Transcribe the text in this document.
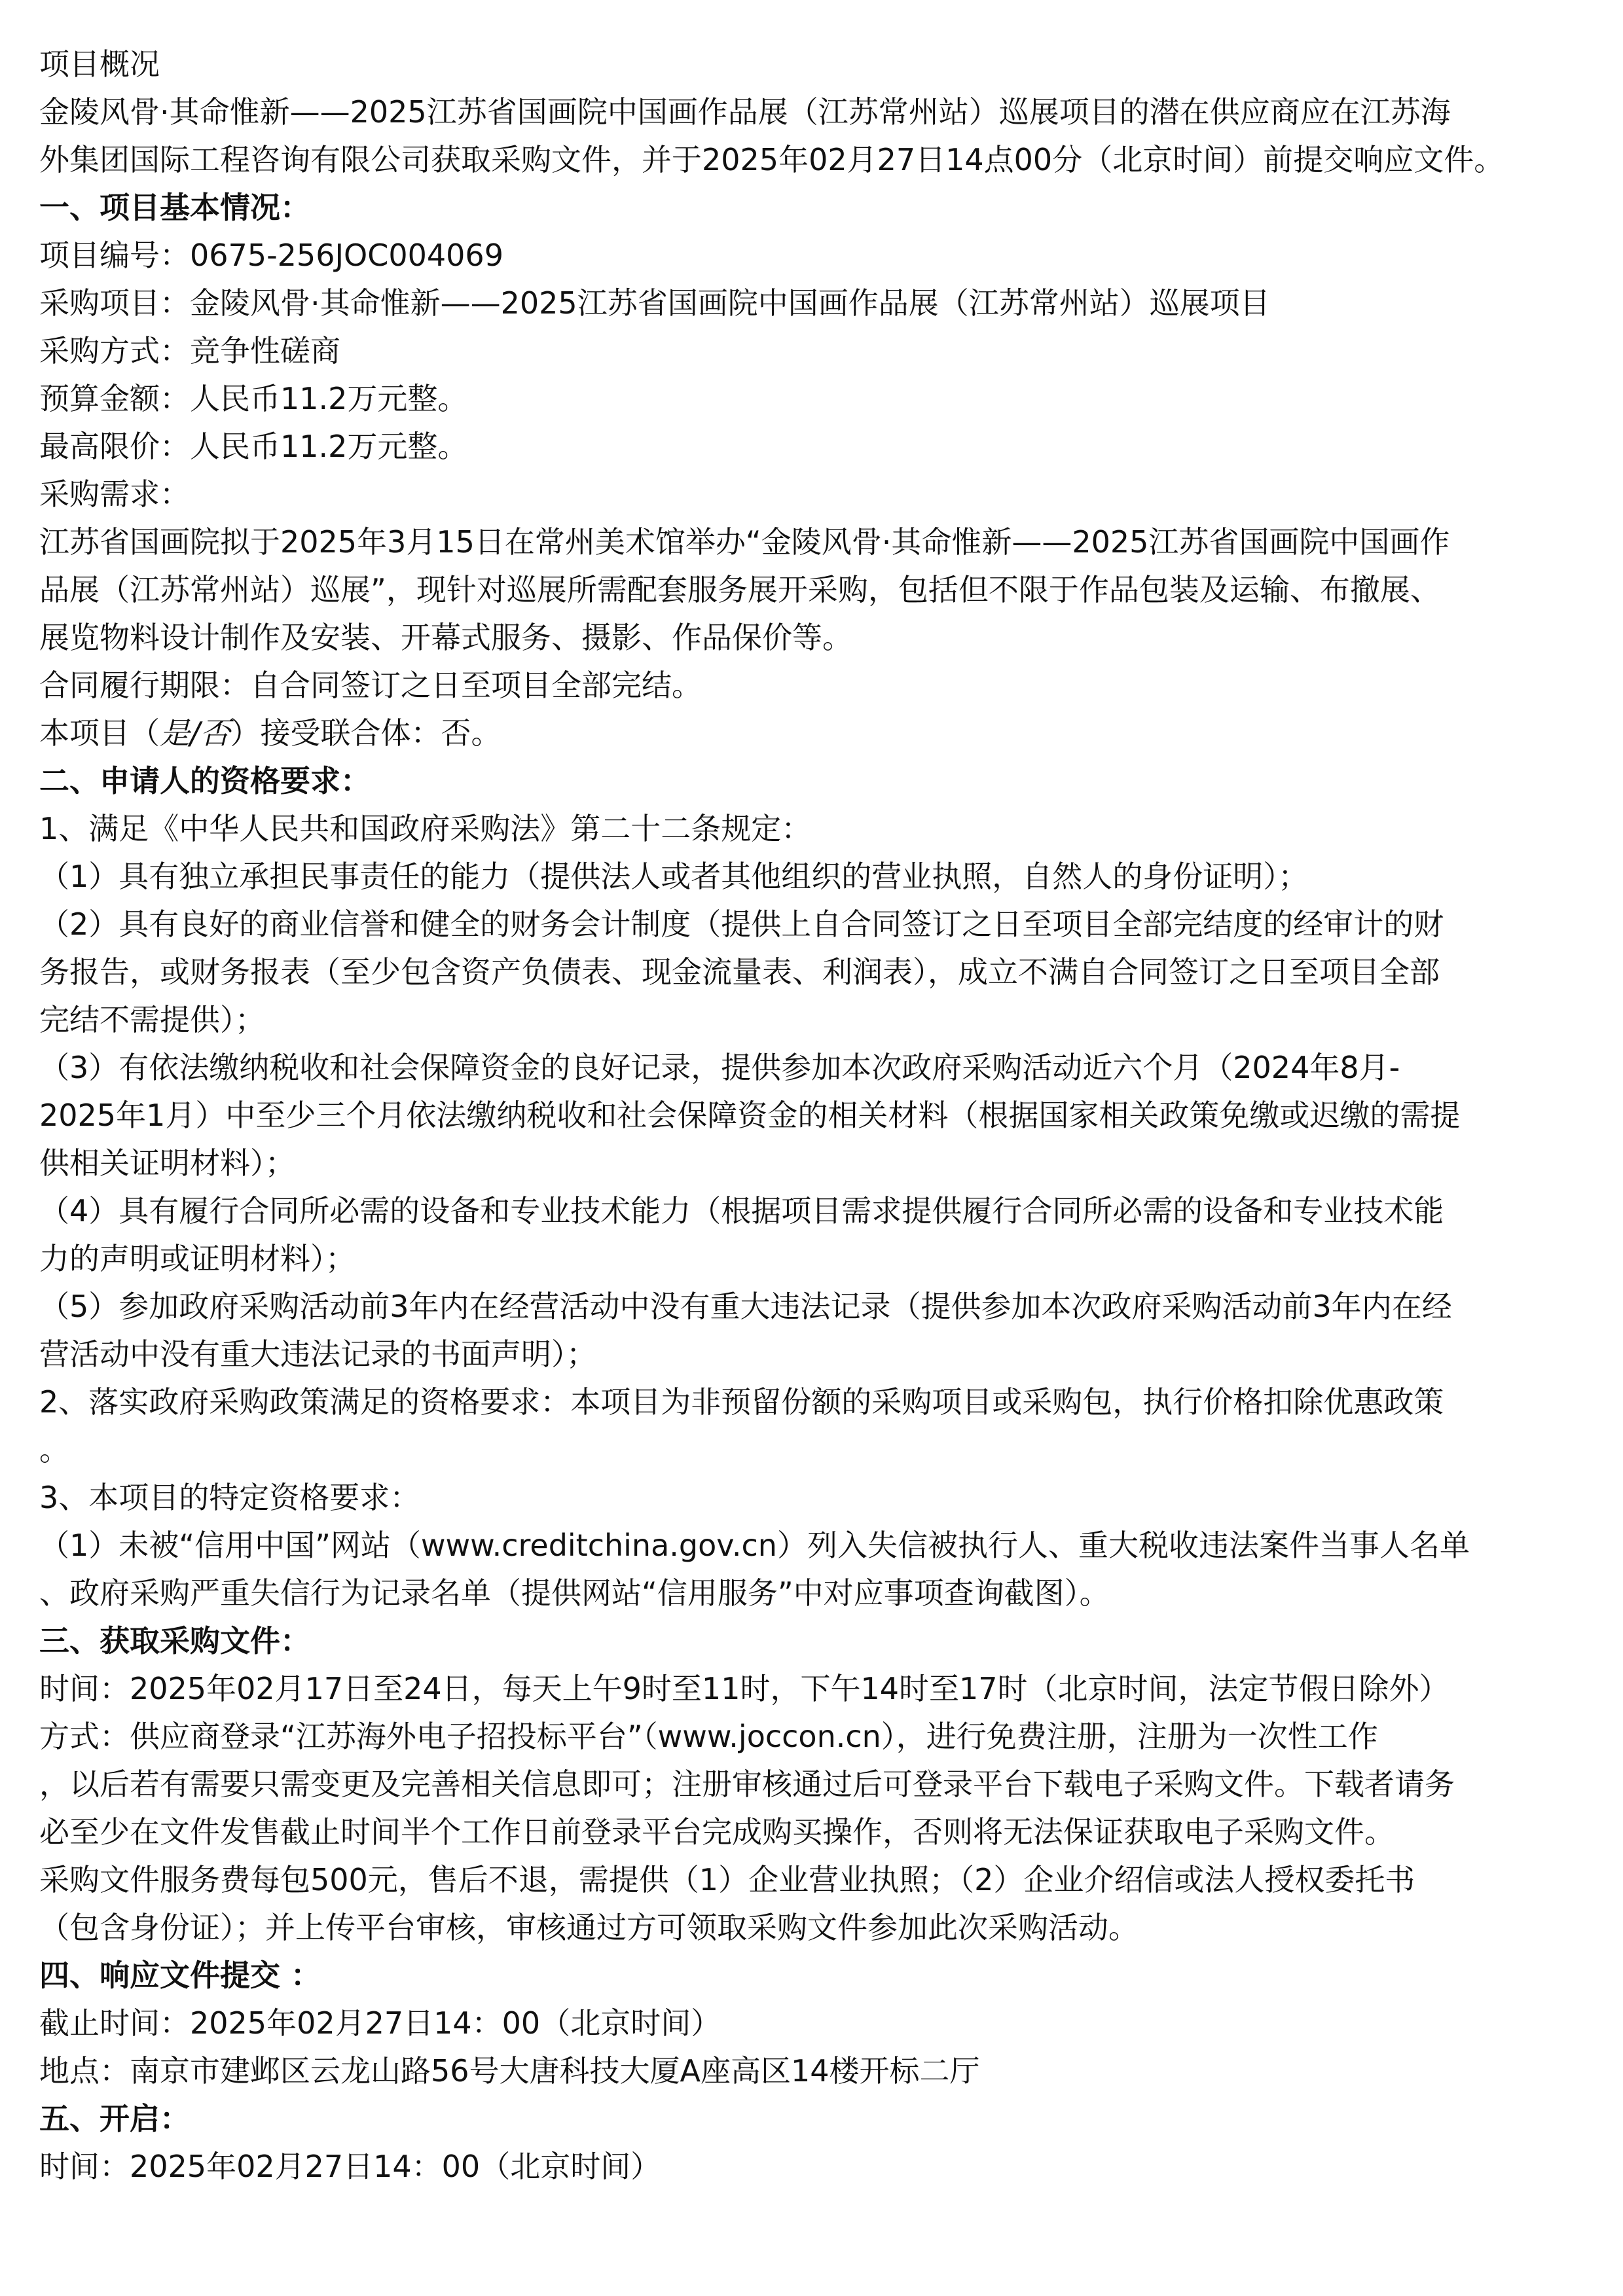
项目概况
金陵风骨·其命惟新——2025江苏省国画院中国画作品展（江苏常州站）巡展项目的潜在供应商应在江苏海
外集团国际工程咨询有限公司获取采购文件，并于2025年02月27日14点00分（北京时间）前提交响应文件。
一、项目基本情况：
项目编号：0675-256JOC004069
采购项目：金陵风骨·其命惟新——2025江苏省国画院中国画作品展（江苏常州站）巡展项目
采购方式：竞争性磋商
预算金额：人民币11.2万元整。
最高限价：人民币11.2万元整。
采购需求：
江苏省国画院拟于2025年3月15日在常州美术馆举办“金陵风骨·其命惟新——2025江苏省国画院中国画作
品展（江苏常州站）巡展”，现针对巡展所需配套服务展开采购，包括但不限于作品包装及运输、布撤展、
展览物料设计制作及安装、开幕式服务、摄影、作品保价等。
合同履行期限：自合同签订之日至项目全部完结。
本项目（是/否）接受联合体：否。
二、申请人的资格要求：
1、满足《中华人民共和国政府采购法》第二十二条规定：
（1）具有独立承担民事责任的能力（提供法人或者其他组织的营业执照，自然人的身份证明）；
（2）具有良好的商业信誉和健全的财务会计制度（提供上自合同签订之日至项目全部完结度的经审计的财
务报告，或财务报表（至少包含资产负债表、现金流量表、利润表），成立不满自合同签订之日至项目全部
完结不需提供）；
（3）有依法缴纳税收和社会保障资金的良好记录，提供参加本次政府采购活动近六个月（2024年8月-
2025年1月）中至少三个月依法缴纳税收和社会保障资金的相关材料（根据国家相关政策免缴或迟缴的需提
供相关证明材料）；
（4）具有履行合同所必需的设备和专业技术能力（根据项目需求提供履行合同所必需的设备和专业技术能
力的声明或证明材料）；
（5）参加政府采购活动前3年内在经营活动中没有重大违法记录（提供参加本次政府采购活动前3年内在经
营活动中没有重大违法记录的书面声明）；
2、落实政府采购政策满足的资格要求：本项目为非预留份额的采购项目或采购包，执行价格扣除优惠政策
。
3、本项目的特定资格要求：
（1）未被“信用中国”网站（www.creditchina.gov.cn）列入失信被执行人、重大税收违法案件当事人名单
、政府采购严重失信行为记录名单（提供网站“信用服务”中对应事项查询截图）。
三、获取采购文件：
时间：2025年02月17日至24日，每天上午9时至11时，下午14时至17时（北京时间，法定节假日除外）
方式：供应商登录“江苏海外电子招投标平台”（www.joccon.cn），进行免费注册，注册为一次性工作
，以后若有需要只需变更及完善相关信息即可；注册审核通过后可登录平台下载电子采购文件。下载者请务
必至少在文件发售截止时间半个工作日前登录平台完成购买操作，否则将无法保证获取电子采购文件。
采购文件服务费每包500元，售后不退，需提供（1）企业营业执照；（2）企业介绍信或法人授权委托书
（包含身份证）；并上传平台审核，审核通过方可领取采购文件参加此次采购活动。
四、响应文件提交 ：
截止时间：2025年02月27日14：00（北京时间）
地点：南京市建邺区云龙山路56号大唐科技大厦A座高区14楼开标二厅
五、开启：
时间：2025年02月27日14：00（北京时间）
